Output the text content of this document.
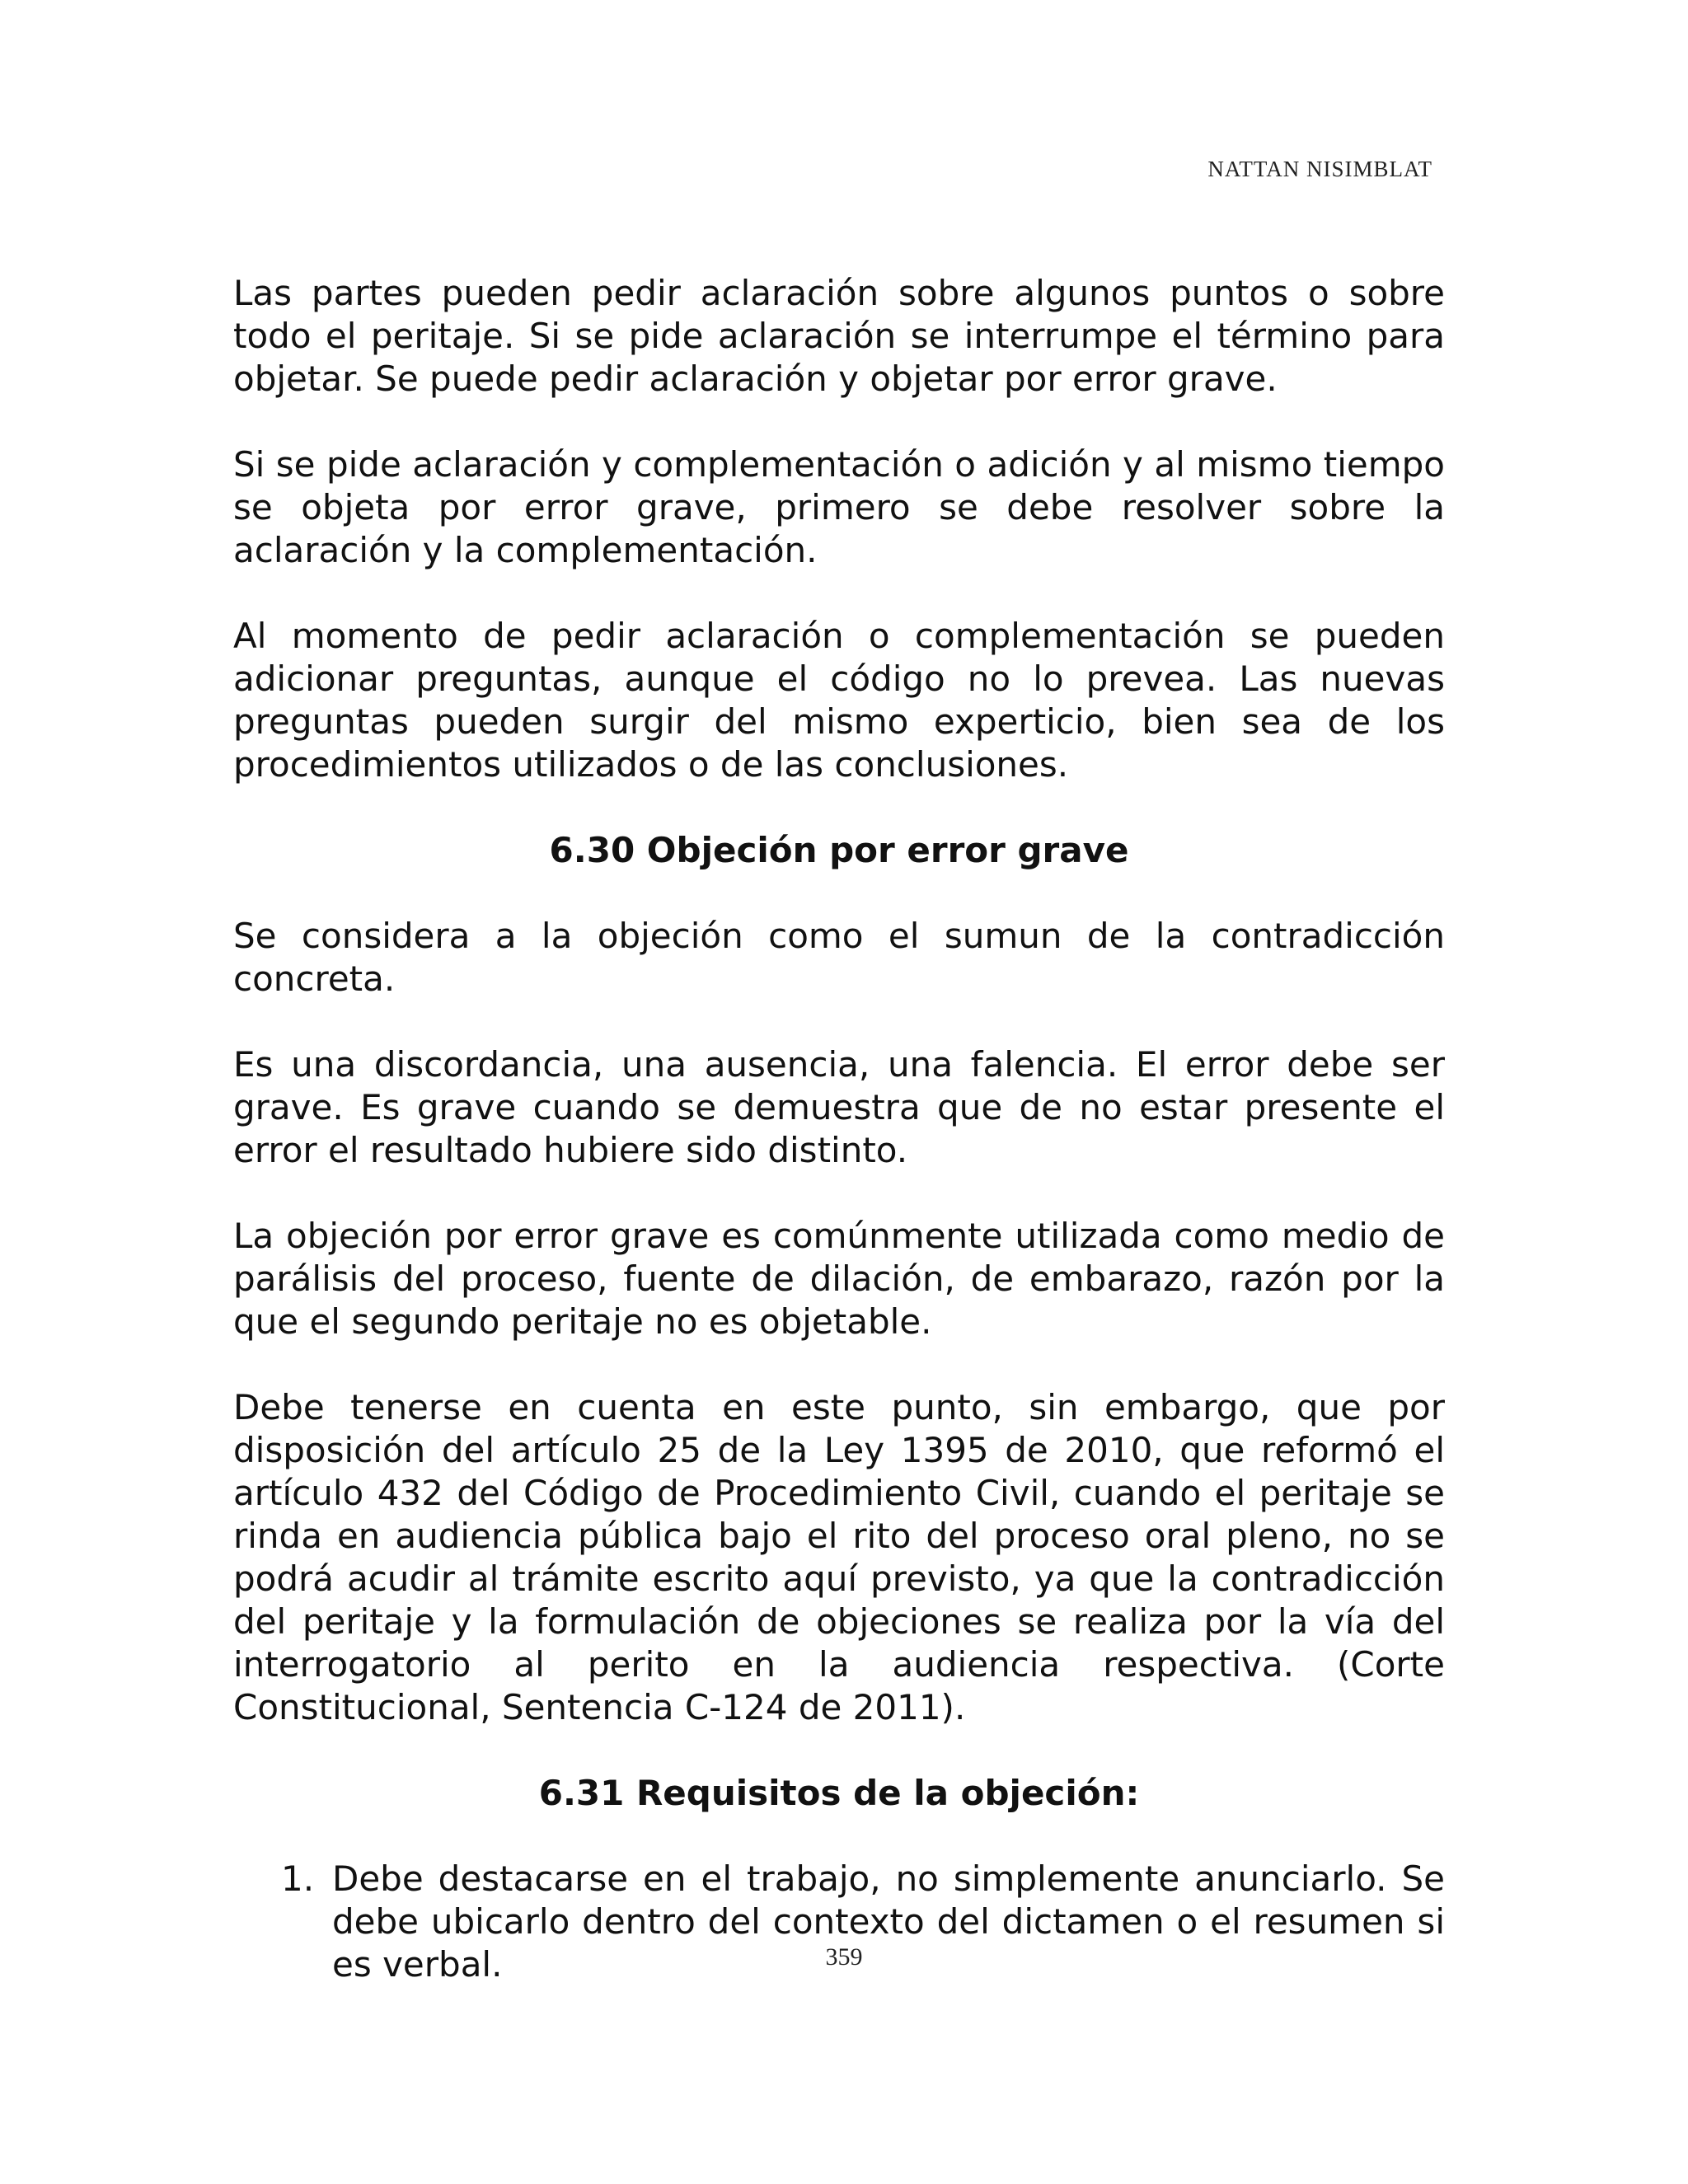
NATTAN NISIMBLAT

Las partes pueden pedir aclaración sobre algunos puntos o sobre todo el peritaje. Si se pide aclaración se interrumpe el término para objetar. Se puede pedir aclaración y objetar por error grave.

Si se pide aclaración y complementación o adición y al mismo tiempo se objeta por error grave, primero se debe resolver sobre la aclaración y la complementación.

Al momento de pedir aclaración o complementación se pueden adicionar preguntas, aunque el código no lo prevea. Las nuevas preguntas pueden surgir del mismo experticio, bien sea de los procedimientos utilizados o de las conclusiones.

6.30 Objeción por error grave

Se considera a la objeción como el sumun de la contradicción concreta.

Es una discordancia, una ausencia, una falencia. El error debe ser grave. Es grave cuando se demuestra que de no estar presente el error el resultado hubiere sido distinto.

La objeción por error grave es comúnmente utilizada como medio de parálisis del proceso, fuente de dilación, de embarazo, razón por la que el segundo peritaje no es objetable.

Debe tenerse en cuenta en este punto, sin embargo, que por disposición del artículo 25 de la Ley 1395 de 2010, que reformó el artículo 432 del Código de Procedimiento Civil, cuando el peritaje se rinda en audiencia pública bajo el rito del proceso oral pleno, no se podrá acudir al trámite escrito aquí previsto, ya que la contradicción del peritaje y la formulación de objeciones se realiza por la vía del interrogatorio al perito en la audiencia respectiva. (Corte Constitucional, Sentencia C-124 de 2011).

6.31 Requisitos de la objeción:
1. Debe destacarse en el trabajo, no simplemente anunciarlo. Se debe ubicarlo dentro del contexto del dictamen o el resumen si es verbal.	359
